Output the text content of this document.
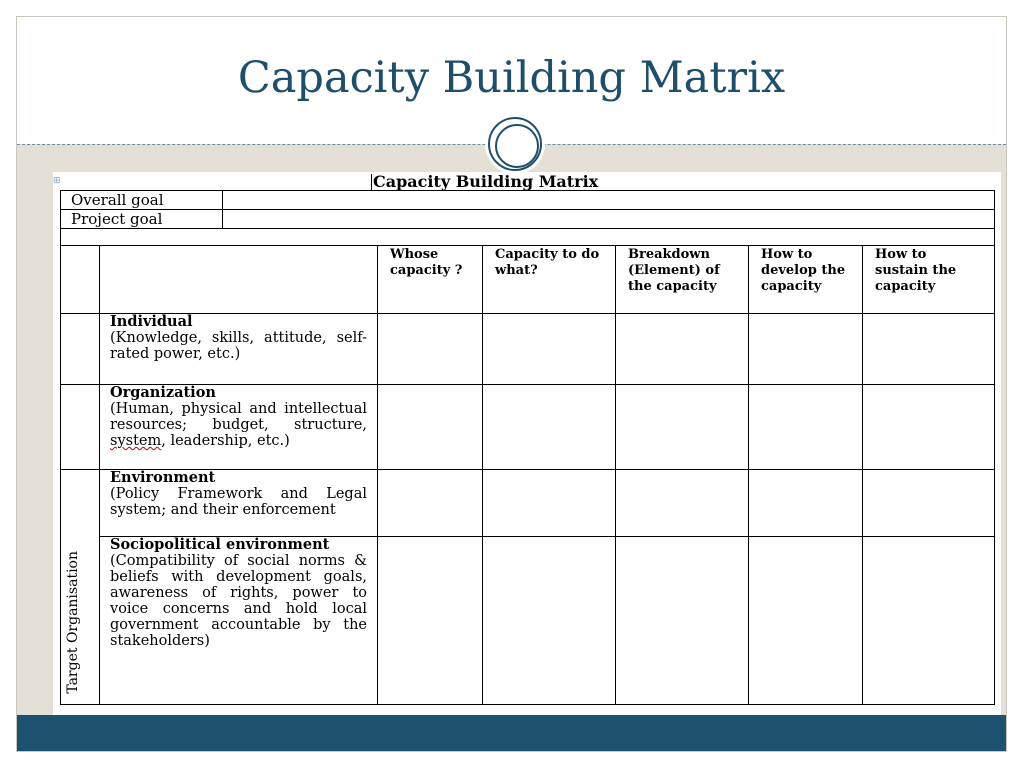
Capacity Building Matrix
⊞	Capacity Building Matrix
Overall goal							
Project goal							

			Whose capacity ?	Capacity to do what?	Breakdown (Element) of the capacity	How to develop the capacity	How to sustain the capacity

	Individual
(Knowledge, skills, attitude, self-rated power, etc.)						

	Organization
(Human, physical and intellectual resources; budget, structure, system, leadership, etc.)						

Target Organisation	Environment
(Policy Framework and Legal system; and their enforcement						

	Sociopolitical environment
(Compatibility of social norms & beliefs with development goals, awareness of rights, power to voice concerns and hold local government accountable by the stakeholders)						
